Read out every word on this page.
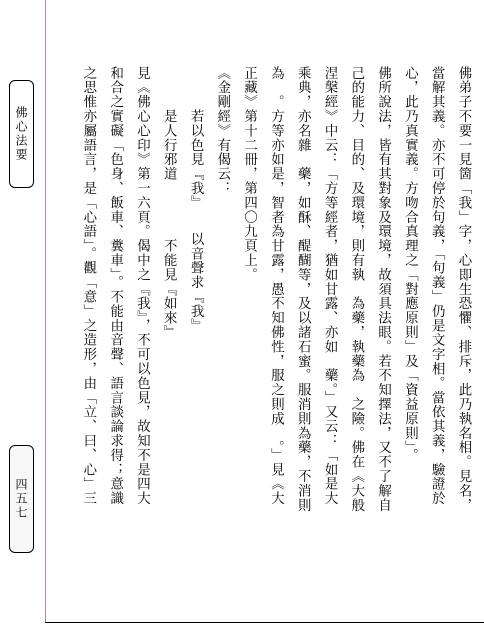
佛心法要
四五七	佛弟子不要一見箇「我」字，心即生恐懼、排斥，此乃執名相。見名，

當解其義。亦不可停於句義，「句義」仍是文字相。當依其義，驗證於

心，此乃真實義。方吻合真理之「對應原則」及「資益原則」。

佛所說法，皆有其對象及環境，故須具法眼。若不知擇法，又不了解自

己的能力、目的、及環境，則有執　為藥，執藥為　之險。佛在《大般

涅槃經》中云：「方等經者，猶如甘露、亦如　藥。」又云：「如是大

乘典，亦名雜　藥，如酥、醍醐等，及以諸石蜜。服消則為藥，不消則

為　。方等亦如是，智者為甘露，愚不知佛性，服之則成　。」見《大

正藏》第十二冊，第四〇九頁上。

《金剛經》有偈云：

　　　若以色見『我』　　以音聲求『我』

　　　是人行邪道　　　　不能見『如來』

見《佛心心印》第一六頁。偈中之『我』，不可以色見，故知不是四大

和合之實礙「色身、飯車、糞車」。不能由音聲、語言談論求得；意識

之思惟亦屬語言，是「心語」。觀「意」之造形，由「立、曰、心」三
